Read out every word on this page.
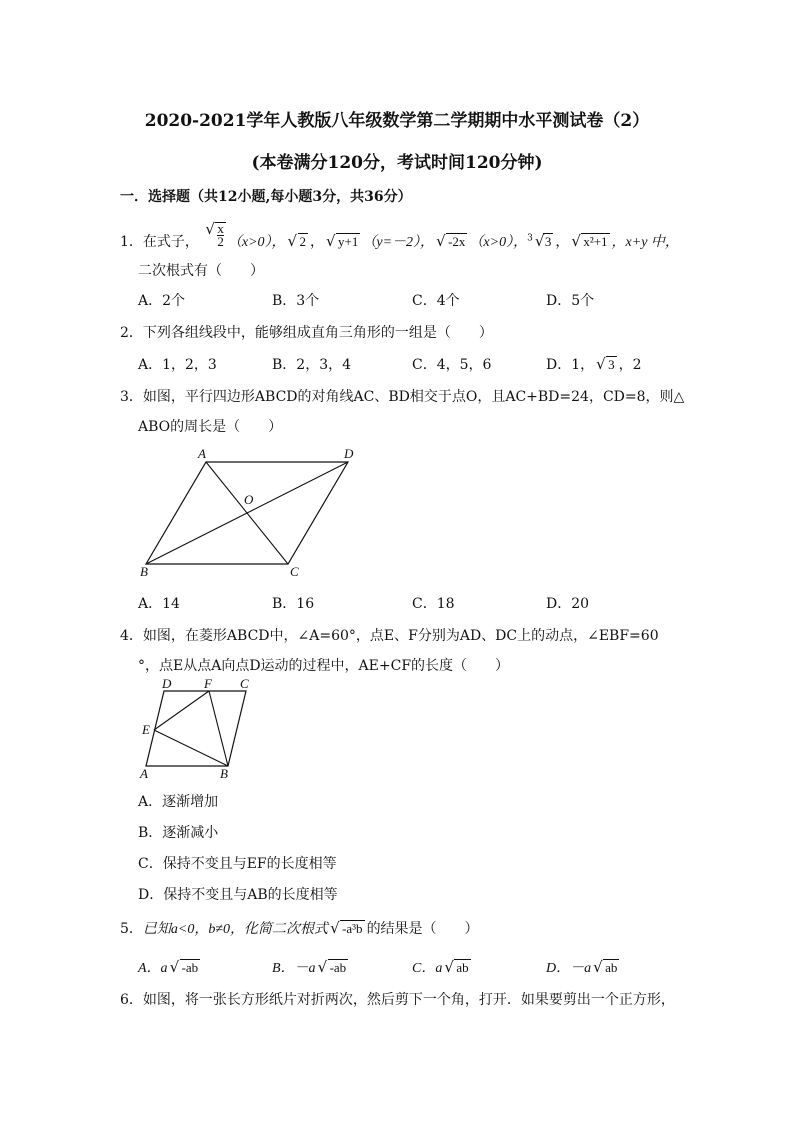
2020-2021学年人教版八年级数学第二学期期中水平测试卷（2）
(本卷满分120分，考试时间120分钟)
一．选择题（共12小题,每小题3分，共36分）
1．在式子，
√ $\frac{x}{2} (x>0)$， √ 2 ， √ y+1 （y=－2）， √ -2x （x>0），$^3$ √ 3 ， √ x²+1 ，x+y 中，
二次根式有（　　）
A．2个	B．3个	C．4个	D．5个
2．下列各组线段中，能够组成直角三角形的一组是（　　）
A．1，2，3	B．2，3，4	C．4，5，6	D．1， √ 3 ，2
3．如图，平行四边形ABCD的对角线AC、BD相交于点O，且AC+BD=24，CD=8，则△
ABO的周长是（　　）
A	D
O
B	C
A．14	B．16	C．18	D．20
4．如图，在菱形ABCD中，∠A=60°，点E、F分别为AD、DC上的动点，∠EBF=60
°，点E从点A向点D运动的过程中，AE+CF的长度（　　）
D	F C
E
A	B
A．逐渐增加
B．逐渐减小
C．保持不变且与EF的长度相等
D．保持不变且与AB的长度相等
5．已知a<0，b≠0，化简二次根式 √ -a³b 的结果是（　　）
A．a √ -ab	B．－a √ -ab	C．a √ ab	D．－a √ ab
6．如图，将一张长方形纸片对折两次，然后剪下一个角，打开．如果要剪出一个正方形，
